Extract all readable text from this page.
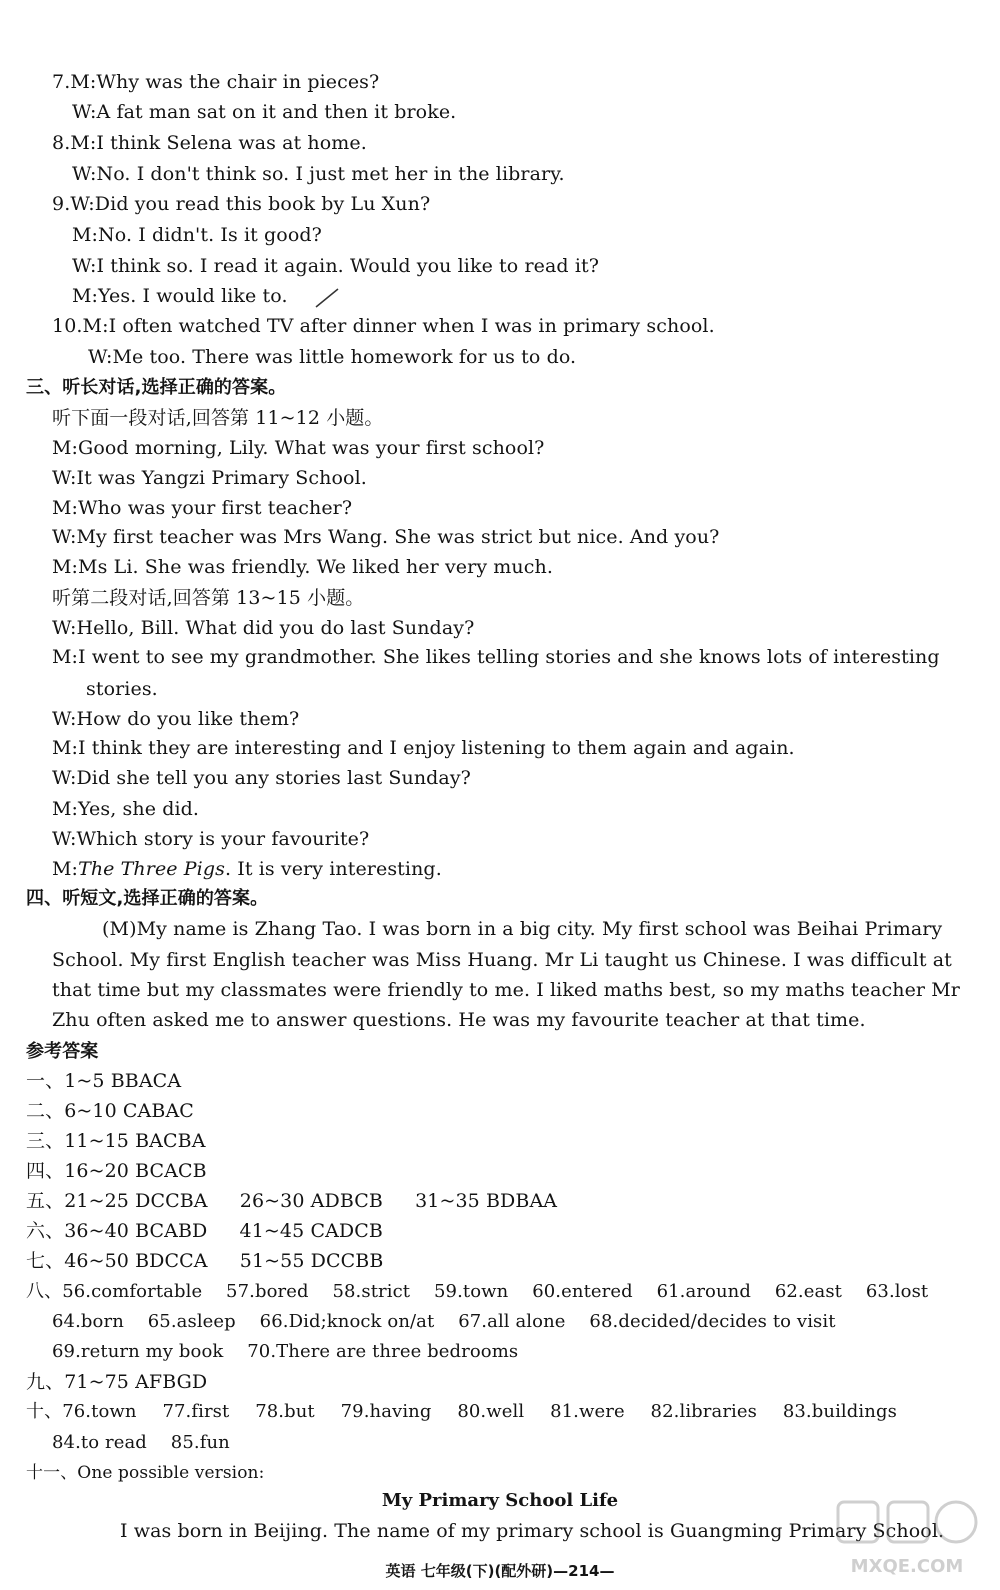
7.M:Why was the chair in pieces?
W:A fat man sat on it and then it broke.
8.M:I think Selena was at home.
W:No. I don't think so. I just met her in the library.
9.W:Did you read this book by Lu Xun?
M:No. I didn't. Is it good?
W:I think so. I read it again. Would you like to read it?
M:Yes. I would like to.
10.M:I often watched TV after dinner when I was in primary school.
W:Me too. There was little homework for us to do.
三、听长对话,选择正确的答案。
听下面一段对话,回答第 11~12 小题。
M:Good morning, Lily. What was your first school?
W:It was Yangzi Primary School.
M:Who was your first teacher?
W:My first teacher was Mrs Wang. She was strict but nice. And you?
M:Ms Li. She was friendly. We liked her very much.
听第二段对话,回答第 13~15 小题。
W:Hello, Bill. What did you do last Sunday?
M:I went to see my grandmother. She likes telling stories and she knows lots of interesting
stories.
W:How do you like them?
M:I think they are interesting and I enjoy listening to them again and again.
W:Did she tell you any stories last Sunday?
M:Yes, she did.
W:Which story is your favourite?
M:The Three Pigs. It is very interesting.
四、听短文,选择正确的答案。
(M)My name is Zhang Tao. I was born in a big city. My first school was Beihai Primary
School. My first English teacher was Miss Huang. Mr Li taught us Chinese. I was difficult at
that time but my classmates were friendly to me. I liked maths best, so my maths teacher Mr
Zhu often asked me to answer questions. He was my favourite teacher at that time.
参考答案
一、1~5 BBACA
二、6~10 CABAC
三、11~15 BACBA
四、16~20 BCACB
五、21~25 DCCBA 26~30 ADBCB 31~35 BDBAA
六、36~40 BCABD 41~45 CADCB
七、46~50 BDCCA 51~55 DCCBB
八、56.comfortable 57.bored 58.strict 59.town 60.entered 61.around 62.east 63.lost
64.born 65.asleep 66.Did;knock on/at 67.all alone 68.decided/decides to visit
69.return my book 70.There are three bedrooms
九、71~75 AFBGD
十、76.town 77.first 78.but 79.having 80.well 81.were 82.libraries 83.buildings
84.to read 85.fun
十一、One possible version:
My Primary School Life
I was born in Beijing. The name of my primary school is Guangming Primary School.
英语 七年级(下)(配外研)—214—	MXQE.COM
